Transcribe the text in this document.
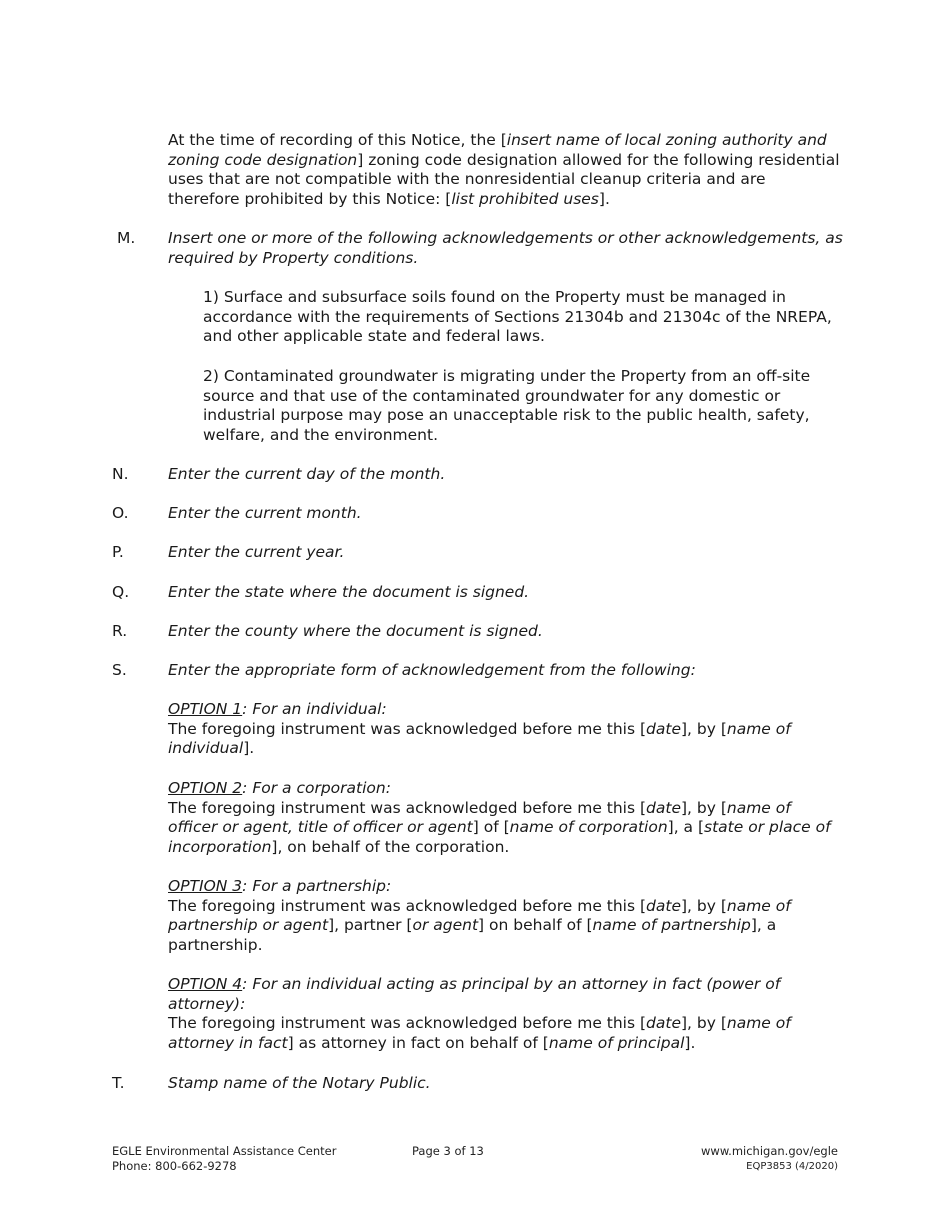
At the time of recording of this Notice, the [insert name of local zoning authority and zoning code designation] zoning code designation allowed for the following residential uses that are not compatible with the nonresidential cleanup criteria and are therefore prohibited by this Notice: [list prohibited uses].
M. Insert one or more of the following acknowledgements or other acknowledgements, as required by Property conditions.
1) Surface and subsurface soils found on the Property must be managed in accordance with the requirements of Sections 21304b and 21304c of the NREPA, and other applicable state and federal laws.
2) Contaminated groundwater is migrating under the Property from an off-site source and that use of the contaminated groundwater for any domestic or industrial purpose may pose an unacceptable risk to the public health, safety, welfare, and the environment.
N.	Enter the current day of the month.
O.	Enter the current month.
P.	Enter the current year.
Q.	Enter the state where the document is signed.
R.	Enter the county where the document is signed.
S.	Enter the appropriate form of acknowledgement from the following:
OPTION 1: For an individual:
The foregoing instrument was acknowledged before me this [date], by [name of individual].
OPTION 2: For a corporation:
The foregoing instrument was acknowledged before me this [date], by [name of officer or agent, title of officer or agent] of [name of corporation], a [state or place of incorporation], on behalf of the corporation.
OPTION 3: For a partnership:
The foregoing instrument was acknowledged before me this [date], by [name of partnership or agent], partner [or agent] on behalf of [name of partnership], a partnership.
OPTION 4: For an individual acting as principal by an attorney in fact (power of attorney):
The foregoing instrument was acknowledged before me this [date], by [name of attorney in fact] as attorney in fact on behalf of [name of principal].
T.	Stamp name of the Notary Public.
EGLE Environmental Assistance Center
Phone: 800-662-9278
Page 3 of 13	www.michigan.gov/egle
EQP3853 (4/2020)
